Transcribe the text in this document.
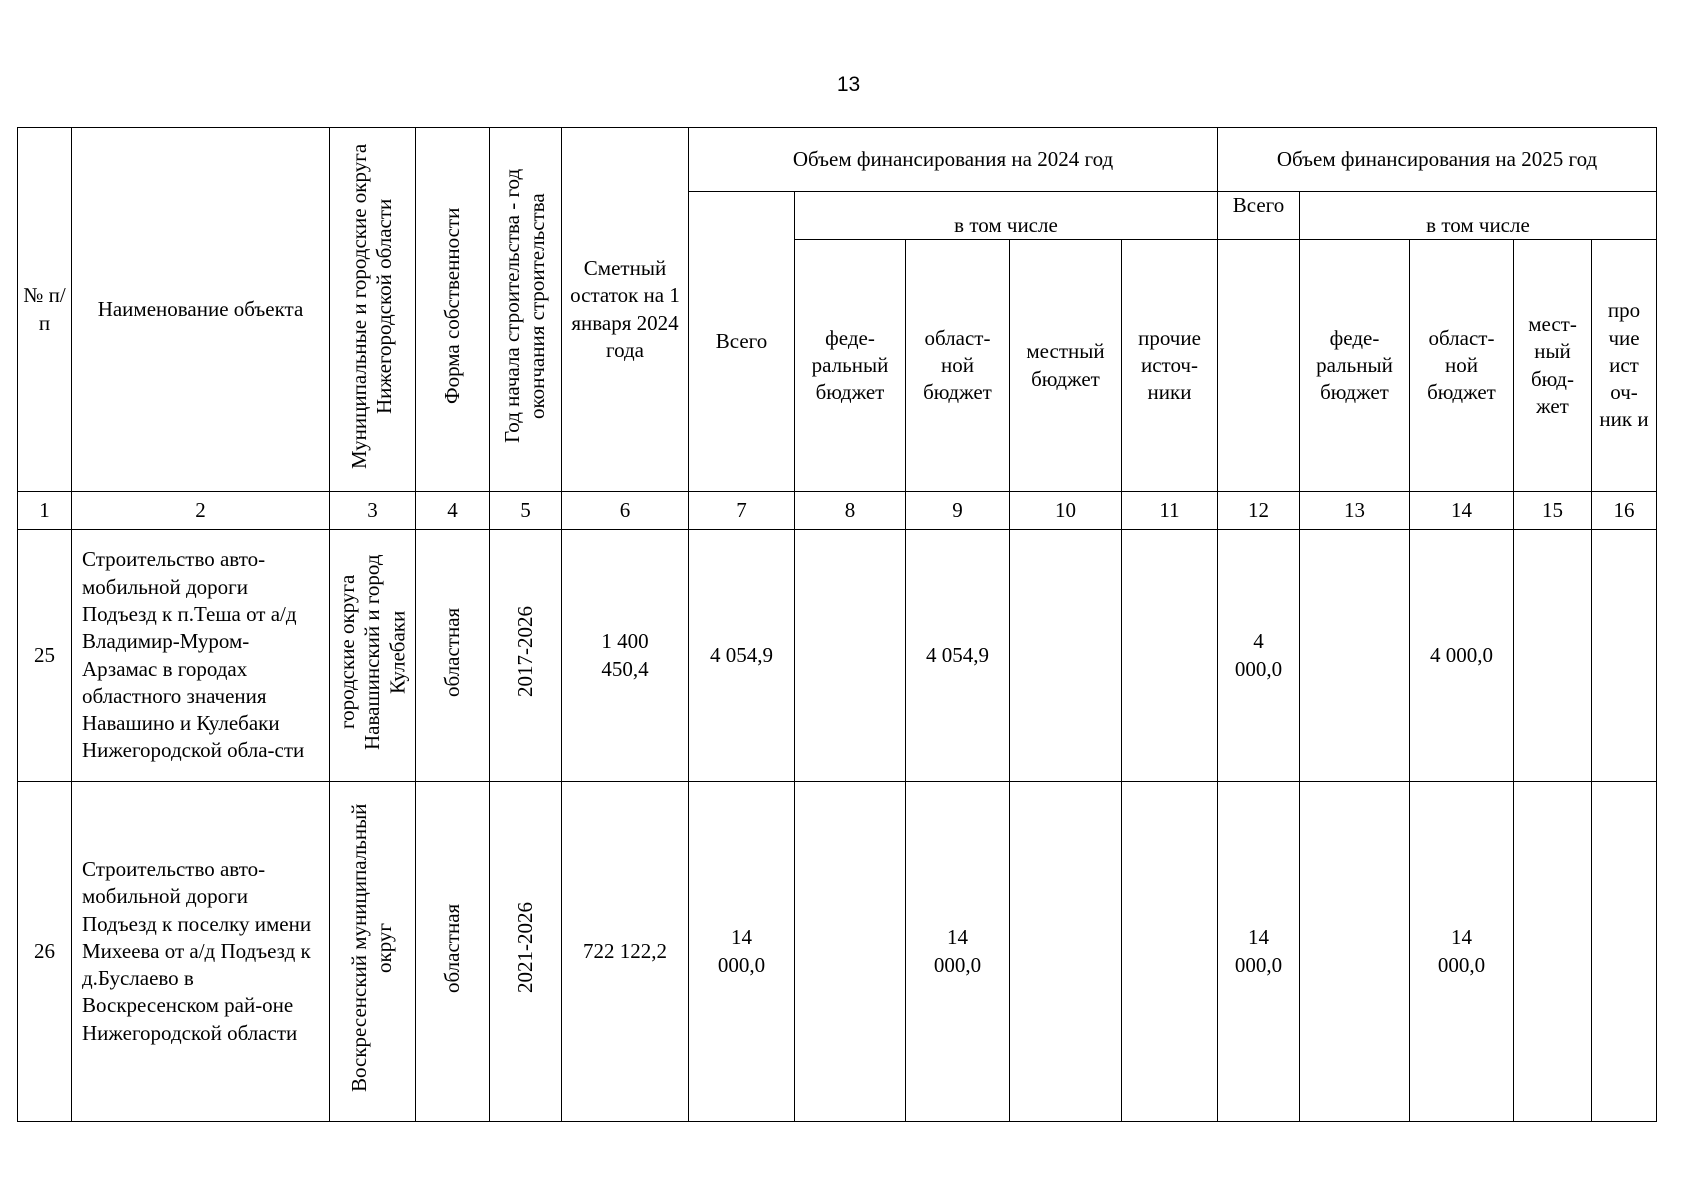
13
№ п/п	Наименование объекта	Муниципальные и городские округа Нижегородской области	Форма собственности	Год начала строительства - год окончания строительства	Сметный остаток на 1 января 2024 года	Объем финансирования на 2024 год					Объем финансирования на 2025 год				
						Всего	в том числе				Всего	в том числе			
							феде-ральный бюджет	област-ной бюджет	местный бюджет	прочие источ-ники		феде-ральный бюджет	област-ной бюджет	мест-ный бюд-жет	про чие ист оч-ник и
1	2	3	4	5	6	7	8	9	10	11	12	13	14	15	16
25	Строительство авто-мобильной дороги Подъезд к п.Теша от а/д Владимир-Муром-Арзамас в городах областного значения Навашино и Кулебаки Нижегородской обла-сти	городские округа Навашинский и город Кулебаки	областная	2017-2026	1 400 450,4	4 054,9		4 054,9			4 000,0		4 000,0		
26	Строительство авто-мобильной дороги Подъезд к поселку имени Михеева от а/д Подъезд к д.Буслаево в Воскресенском рай-оне Нижегородской области	Воскресенский муниципальный округ	областная	2021-2026	722 122,2	14 000,0		14 000,0			14 000,0		14 000,0		
